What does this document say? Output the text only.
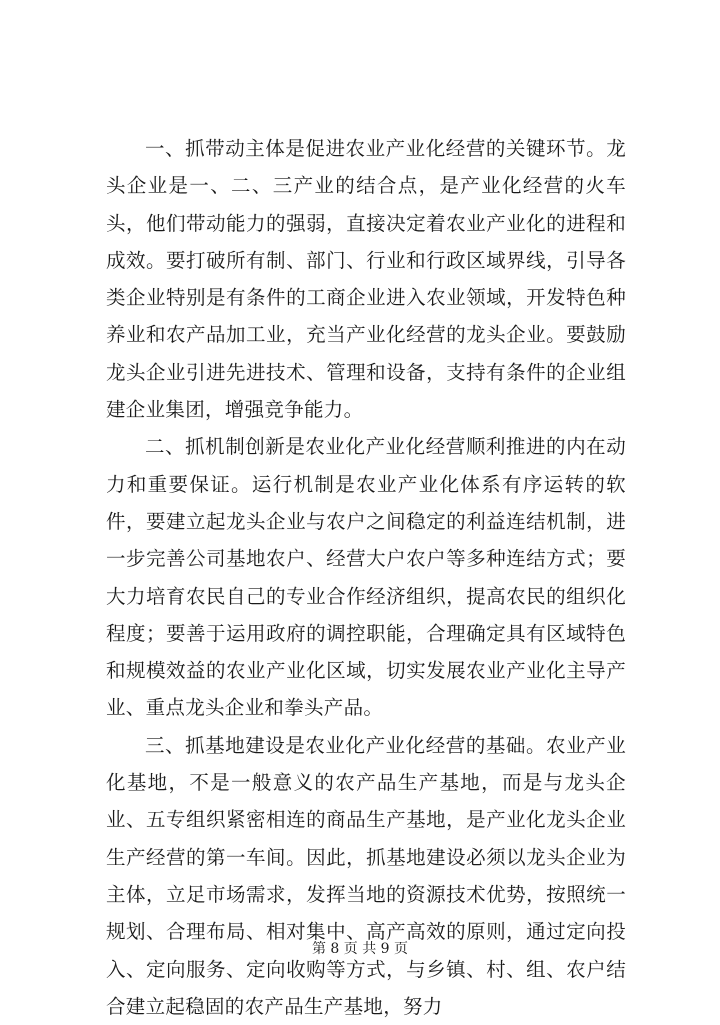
一、抓带动主体是促进农业产业化经营的关键环节。龙头企业是一、二、三产业的结合点，是产业化经营的火车头，他们带动能力的强弱，直接决定着农业产业化的进程和成效。要打破所有制、部门、行业和行政区域界线，引导各类企业特别是有条件的工商企业进入农业领域，开发特色种养业和农产品加工业，充当产业化经营的龙头企业。要鼓励龙头企业引进先进技术、管理和设备，支持有条件的企业组建企业集团，增强竞争能力。

二、抓机制创新是农业化产业化经营顺利推进的内在动力和重要保证。运行机制是农业产业化体系有序运转的软件，要建立起龙头企业与农户之间稳定的利益连结机制，进一步完善公司基地农户、经营大户农户等多种连结方式；要大力培育农民自己的专业合作经济组织，提高农民的组织化程度；要善于运用政府的调控职能，合理确定具有区域特色和规模效益的农业产业化区域，切实发展农业产业化主导产业、重点龙头企业和拳头产品。

三、抓基地建设是农业化产业化经营的基础。农业产业化基地，不是一般意义的农产品生产基地，而是与龙头企业、五专组织紧密相连的商品生产基地，是产业化龙头企业生产经营的第一车间。因此，抓基地建设必须以龙头企业为主体，立足市场需求，发挥当地的资源技术优势，按照统一规划、合理布局、相对集中、高产高效的原则，通过定向投入、定向服务、定向收购等方式，与乡镇、村、组、农户结合建立起稳固的农产品生产基地，努力

第 8 页 共 9 页
